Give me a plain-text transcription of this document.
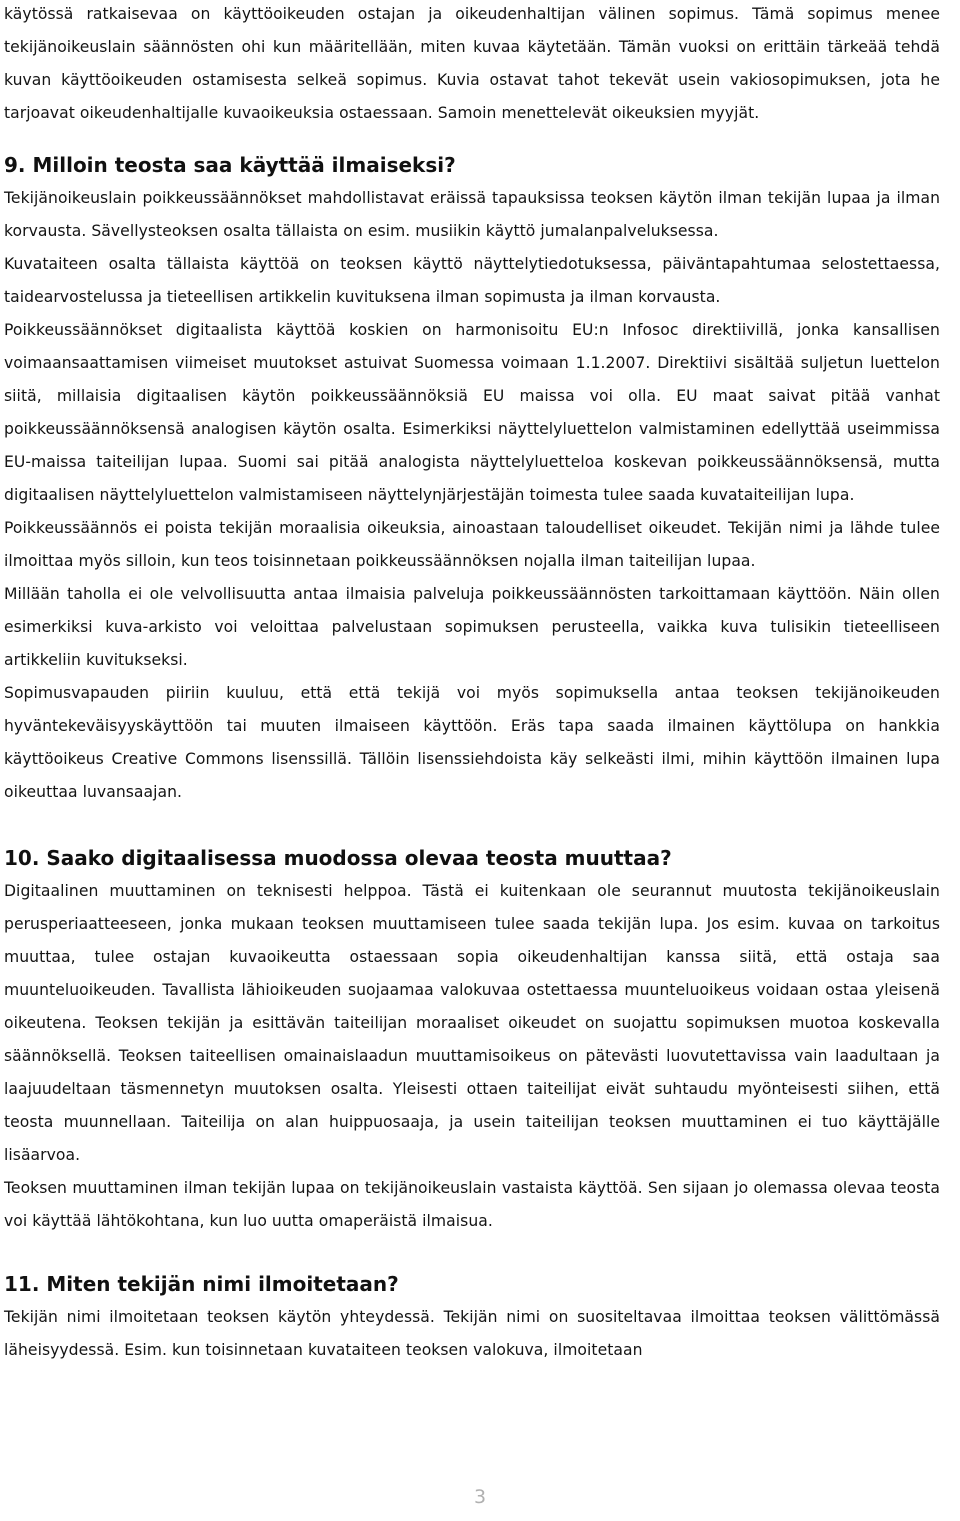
käytössä ratkaisevaa on käyttöoikeuden ostajan ja oikeudenhaltijan välinen sopimus. Tämä sopimus menee tekijänoikeuslain säännösten ohi kun määritellään, miten kuvaa käytetään. Tämän vuoksi on erittäin tärkeää tehdä kuvan käyttöoikeuden ostamisesta selkeä sopimus. Kuvia ostavat tahot tekevät usein vakiosopimuksen, jota he tarjoavat oikeudenhaltijalle kuvaoikeuksia ostaessaan. Samoin menettelevät oikeuksien myyjät.

9. Milloin teosta saa käyttää ilmaiseksi?

Tekijänoikeuslain poikkeussäännökset mahdollistavat eräissä tapauksissa teoksen käytön ilman tekijän lupaa ja ilman korvausta. Sävellysteoksen osalta tällaista on esim. musiikin käyttö jumalanpalveluksessa.

Kuvataiteen osalta tällaista käyttöä on teoksen käyttö näyttelytiedotuksessa, päiväntapahtumaa selostettaessa, taidearvostelussa ja tieteellisen artikkelin kuvituksena ilman sopimusta ja ilman korvausta.

Poikkeussäännökset digitaalista käyttöä koskien on harmonisoitu EU:n Infosoc direktiivillä, jonka kansallisen voimaansaattamisen viimeiset muutokset astuivat Suomessa voimaan 1.1.2007. Direktiivi sisältää suljetun luettelon siitä, millaisia digitaalisen käytön poikkeussäännöksiä EU maissa voi olla. EU maat saivat pitää vanhat poikkeussäännöksensä analogisen käytön osalta. Esimerkiksi näyttelyluettelon valmistaminen edellyttää useimmissa EU-maissa taiteilijan lupaa. Suomi sai pitää analogista näyttelyluetteloa koskevan poikkeussäännöksensä, mutta digitaalisen näyttelyluettelon valmistamiseen näyttelynjärjestäjän toimesta tulee saada kuvataiteilijan lupa.

Poikkeussäännös ei poista tekijän moraalisia oikeuksia, ainoastaan taloudelliset oikeudet. Tekijän nimi ja lähde tulee ilmoittaa myös silloin, kun teos toisinnetaan poikkeussäännöksen nojalla ilman taiteilijan lupaa.

Millään taholla ei ole velvollisuutta antaa ilmaisia palveluja poikkeussäännösten tarkoittamaan käyttöön. Näin ollen esimerkiksi kuva-arkisto voi veloittaa palvelustaan sopimuksen perusteella, vaikka kuva tulisikin tieteelliseen artikkeliin kuvitukseksi.

Sopimusvapauden piiriin kuuluu, että että tekijä voi myös sopimuksella antaa teoksen tekijänoikeuden hyväntekeväisyyskäyttöön tai muuten ilmaiseen käyttöön. Eräs tapa saada ilmainen käyttölupa on hankkia käyttöoikeus Creative Commons lisenssillä. Tällöin lisenssiehdoista käy selkeästi ilmi, mihin käyttöön ilmainen lupa oikeuttaa luvansaajan.

10. Saako digitaalisessa muodossa olevaa teosta muuttaa?

Digitaalinen muuttaminen on teknisesti helppoa. Tästä ei kuitenkaan ole seurannut muutosta tekijänoikeuslain perusperiaatteeseen, jonka mukaan teoksen muuttamiseen tulee saada tekijän lupa. Jos esim. kuvaa on tarkoitus muuttaa, tulee ostajan kuvaoikeutta ostaessaan sopia oikeudenhaltijan kanssa siitä, että ostaja saa muunteluoikeuden. Tavallista lähioikeuden suojaamaa valokuvaa ostettaessa muunteluoikeus voidaan ostaa yleisenä oikeutena. Teoksen tekijän ja esittävän taiteilijan moraaliset oikeudet on suojattu sopimuksen muotoa koskevalla säännöksellä. Teoksen taiteellisen omainaislaadun muuttamisoikeus on pätevästi luovutettavissa vain laadultaan ja laajuudeltaan täsmennetyn muutoksen osalta. Yleisesti ottaen taiteilijat eivät suhtaudu myönteisesti siihen, että teosta muunnellaan. Taiteilija on alan huippuosaaja, ja usein taiteilijan teoksen muuttaminen ei tuo käyttäjälle lisäarvoa.

Teoksen muuttaminen ilman tekijän lupaa on tekijänoikeuslain vastaista käyttöä. Sen sijaan jo olemassa olevaa teosta voi käyttää lähtökohtana, kun luo uutta omaperäistä ilmaisua.

11. Miten tekijän nimi ilmoitetaan?

Tekijän nimi ilmoitetaan teoksen käytön yhteydessä. Tekijän nimi on suositeltavaa ilmoittaa teoksen välittömässä läheisyydessä. Esim. kun toisinnetaan kuvataiteen teoksen valokuva, ilmoitetaan

3
